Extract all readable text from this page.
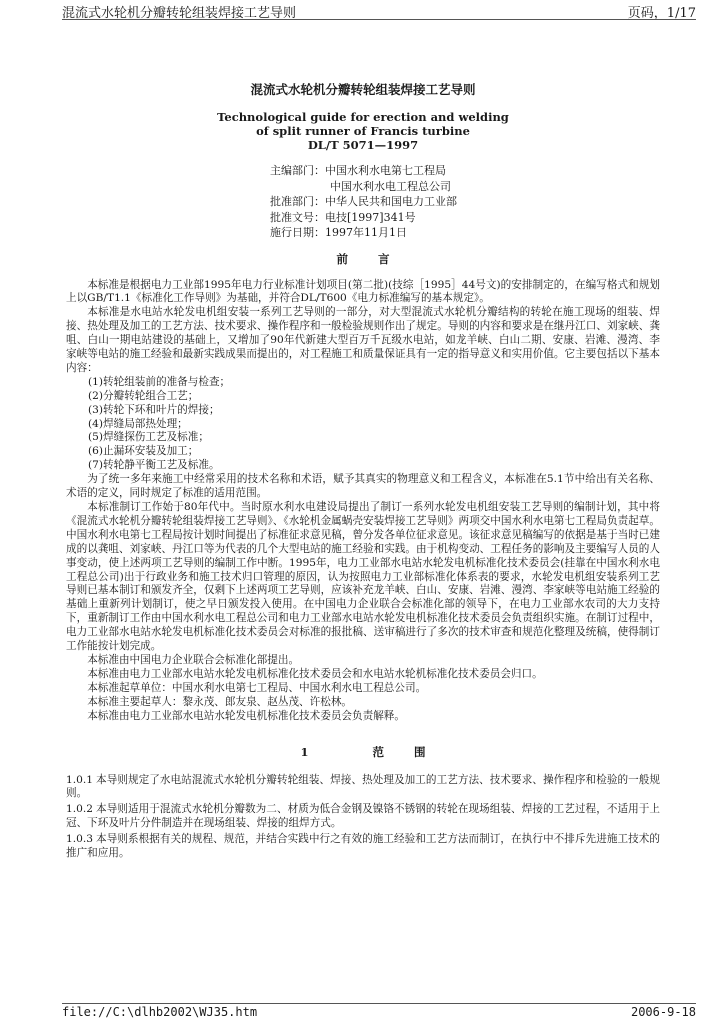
混流式水轮机分瓣转轮组装焊接工艺导则	页码，1/17
混流式水轮机分瓣转轮组装焊接工艺导则

Technological guide for erection and welding

of split runner of Francis turbine

DL/T 5071—1997

主编部门：中国水利水电第七工程局
中国水利水电工程总公司
批准部门：中华人民共和国电力工业部
批准文号：电技[1997]341号
施行日期：1997年11月1日
前言

本标准是根据电力工业部1995年电力行业标准计划项目(第二批)(技综［1995］44号文)的安排制定的，在编写格式和规划上以GB/T1.1《标准化工作导则》为基础，并符合DL/T600《电力标准编写的基本规定》。

本标准是水电站水轮发电机组安装一系列工艺导则的一部分，对大型混流式水轮机分瓣结构的转轮在施工现场的组装、焊接、热处理及加工的工艺方法、技术要求、操作程序和一般检验规则作出了规定。导则的内容和要求是在继丹江口、刘家峡、龚咀、白山一期电站建设的基础上，又增加了90年代新建大型百万千瓦级水电站，如龙羊峡、白山二期、安康、岩滩、漫湾、李家峡等电站的施工经验和最新实践成果而提出的，对工程施工和质量保证具有一定的指导意义和实用价值。它主要包括以下基本内容：

(1)转轮组装前的准备与检查；

(2)分瓣转轮组合工艺；

(3)转轮下环和叶片的焊接；

(4)焊缝局部热处理；

(5)焊缝探伤工艺及标准；

(6)止漏环安装及加工；

(7)转轮静平衡工艺及标准。

为了统一多年来施工中经常采用的技术名称和术语，赋予其真实的物理意义和工程含义，本标准在5.1节中给出有关名称、术语的定义，同时规定了标准的适用范围。

本标准制订工作始于80年代中。当时原水利水电建设局提出了制订一系列水轮发电机组安装工艺导则的编制计划，其中将《混流式水轮机分瓣转轮组装焊接工艺导则》、《水轮机金属蜗壳安装焊接工艺导则》两项交中国水利水电第七工程局负责起草。中国水利水电第七工程局按计划时间提出了标准征求意见稿，曾分发各单位征求意见。该征求意见稿编写的依据是基于当时已建成的以龚咀、刘家峡、丹江口等为代表的几个大型电站的施工经验和实践。由于机构变动、工程任务的影响及主要编写人员的人事变动，使上述两项工艺导则的编制工作中断。1995年，电力工业部水电站水轮发电机标准化技术委员会(挂靠在中国水利水电工程总公司)出于行政业务和施工技术归口管理的原因，认为按照电力工业部标准化体系表的要求，水轮发电机组安装系列工艺导则已基本制订和颁发齐全，仅剩下上述两项工艺导则，应该补充龙羊峡、白山、安康、岩滩、漫湾、李家峡等电站施工经验的基础上重新列计划制订，使之早日颁发投入使用。在中国电力企业联合会标准化部的领导下，在电力工业部水农司的大力支持下，重新制订工作由中国水利水电工程总公司和电力工业部水电站水轮发电机标准化技术委员会负责组织实施。在制订过程中，电力工业部水电站水轮发电机标准化技术委员会对标准的报批稿、送审稿进行了多次的技术审查和规范化整理及统稿，使得制订工作能按计划完成。

本标准由中国电力企业联合会标准化部提出。

本标准由电力工业部水电站水轮发电机标准化技术委员会和水电站水轮机标准化技术委员会归口。

本标准起草单位：中国水利水电第七工程局、中国水利水电工程总公司。

本标准主要起草人：黎永茂、郎友泉、赵丛茂、许松林。

本标准由电力工业部水电站水轮发电机标准化技术委员会负责解释。

1 范围

1.0.1 本导则规定了水电站混流式水轮机分瓣转轮组装、焊接、热处理及加工的工艺方法、技术要求、操作程序和检验的一般规则。

1.0.2 本导则适用于混流式水轮机分瓣数为二、材质为低合金钢及镍铬不锈钢的转轮在现场组装、焊接的工艺过程，不适用于上冠、下环及叶片分件制造并在现场组装、焊接的组焊方式。

1.0.3 本导则系根据有关的规程、规范，并结合实践中行之有效的施工经验和工艺方法而制订，在执行中不排斥先进施工技术的推广和应用。

file://C:\dlhb2002\WJ35.htm	2006-9-18
